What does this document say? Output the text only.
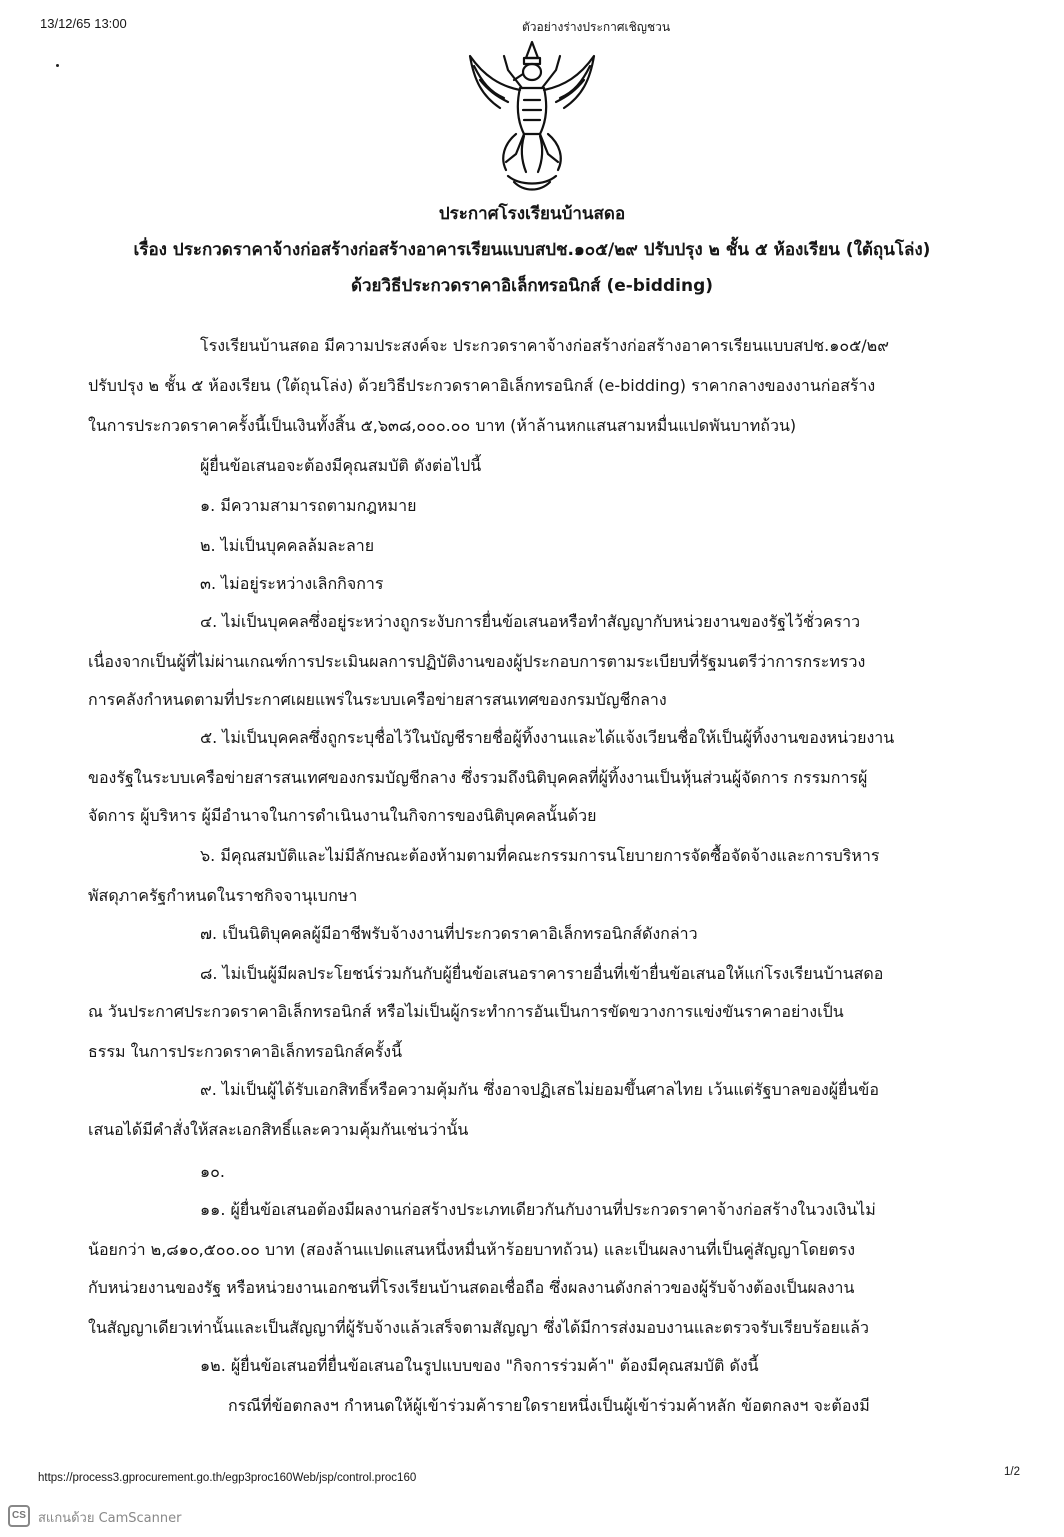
13/12/65 13:00	ตัวอย่างร่างประกาศเชิญชวน
ประกาศโรงเรียนบ้านสดอ
เรื่อง ประกวดราคาจ้างก่อสร้างก่อสร้างอาคารเรียนแบบสปช.๑๐๕/๒๙ ปรับปรุง ๒ ชั้น ๕ ห้องเรียน (ใต้ถุนโล่ง)
ด้วยวิธีประกวดราคาอิเล็กทรอนิกส์ (e-bidding)
โรงเรียนบ้านสดอ มีความประสงค์จะ ประกวดราคาจ้างก่อสร้างก่อสร้างอาคารเรียนแบบสปช.๑๐๕/๒๙
ปรับปรุง ๒ ชั้น ๕ ห้องเรียน (ใต้ถุนโล่ง) ด้วยวิธีประกวดราคาอิเล็กทรอนิกส์ (e-bidding) ราคากลางของงานก่อสร้าง
ในการประกวดราคาครั้งนี้เป็นเงินทั้งสิ้น ๕,๖๓๘,๐๐๐.๐๐ บาท (ห้าล้านหกแสนสามหมื่นแปดพันบาทถ้วน)
ผู้ยื่นข้อเสนอจะต้องมีคุณสมบัติ ดังต่อไปนี้
๑. มีความสามารถตามกฎหมาย
๒. ไม่เป็นบุคคลล้มละลาย
๓. ไม่อยู่ระหว่างเลิกกิจการ
๔. ไม่เป็นบุคคลซึ่งอยู่ระหว่างถูกระงับการยื่นข้อเสนอหรือทำสัญญากับหน่วยงานของรัฐไว้ชั่วคราว
เนื่องจากเป็นผู้ที่ไม่ผ่านเกณฑ์การประเมินผลการปฏิบัติงานของผู้ประกอบการตามระเบียบที่รัฐมนตรีว่าการกระทรวง
การคลังกำหนดตามที่ประกาศเผยแพร่ในระบบเครือข่ายสารสนเทศของกรมบัญชีกลาง
๕. ไม่เป็นบุคคลซึ่งถูกระบุชื่อไว้ในบัญชีรายชื่อผู้ทิ้งงานและได้แจ้งเวียนชื่อให้เป็นผู้ทิ้งงานของหน่วยงาน
ของรัฐในระบบเครือข่ายสารสนเทศของกรมบัญชีกลาง ซึ่งรวมถึงนิติบุคคลที่ผู้ทิ้งงานเป็นหุ้นส่วนผู้จัดการ กรรมการผู้
จัดการ ผู้บริหาร ผู้มีอำนาจในการดำเนินงานในกิจการของนิติบุคคลนั้นด้วย
๖. มีคุณสมบัติและไม่มีลักษณะต้องห้ามตามที่คณะกรรมการนโยบายการจัดซื้อจัดจ้างและการบริหาร
พัสดุภาครัฐกำหนดในราชกิจจานุเบกษา
๗. เป็นนิติบุคคลผู้มีอาชีพรับจ้างงานที่ประกวดราคาอิเล็กทรอนิกส์ดังกล่าว
๘. ไม่เป็นผู้มีผลประโยชน์ร่วมกันกับผู้ยื่นข้อเสนอราคารายอื่นที่เข้ายื่นข้อเสนอให้แก่โรงเรียนบ้านสดอ
ณ วันประกาศประกวดราคาอิเล็กทรอนิกส์ หรือไม่เป็นผู้กระทำการอันเป็นการขัดขวางการแข่งขันราคาอย่างเป็น
ธรรม ในการประกวดราคาอิเล็กทรอนิกส์ครั้งนี้
๙. ไม่เป็นผู้ได้รับเอกสิทธิ์หรือความคุ้มกัน ซึ่งอาจปฏิเสธไม่ยอมขึ้นศาลไทย เว้นแต่รัฐบาลของผู้ยื่นข้อ
เสนอได้มีคำสั่งให้สละเอกสิทธิ์และความคุ้มกันเช่นว่านั้น
๑๐.
๑๑. ผู้ยื่นข้อเสนอต้องมีผลงานก่อสร้างประเภทเดียวกันกับงานที่ประกวดราคาจ้างก่อสร้างในวงเงินไม่
น้อยกว่า ๒,๘๑๐,๕๐๐.๐๐ บาท (สองล้านแปดแสนหนึ่งหมื่นห้าร้อยบาทถ้วน) และเป็นผลงานที่เป็นคู่สัญญาโดยตรง
กับหน่วยงานของรัฐ หรือหน่วยงานเอกชนที่โรงเรียนบ้านสดอเชื่อถือ ซึ่งผลงานดังกล่าวของผู้รับจ้างต้องเป็นผลงาน
ในสัญญาเดียวเท่านั้นและเป็นสัญญาที่ผู้รับจ้างแล้วเสร็จตามสัญญา ซึ่งได้มีการส่งมอบงานและตรวจรับเรียบร้อยแล้ว
๑๒. ผู้ยื่นข้อเสนอที่ยื่นข้อเสนอในรูปแบบของ "กิจการร่วมค้า" ต้องมีคุณสมบัติ ดังนี้
กรณีที่ข้อตกลงฯ กำหนดให้ผู้เข้าร่วมค้ารายใดรายหนึ่งเป็นผู้เข้าร่วมค้าหลัก ข้อตกลงฯ จะต้องมี
https://process3.gprocurement.go.th/egp3proc160Web/jsp/control.proc160	1/2
CS สแกนด้วย CamScanner
